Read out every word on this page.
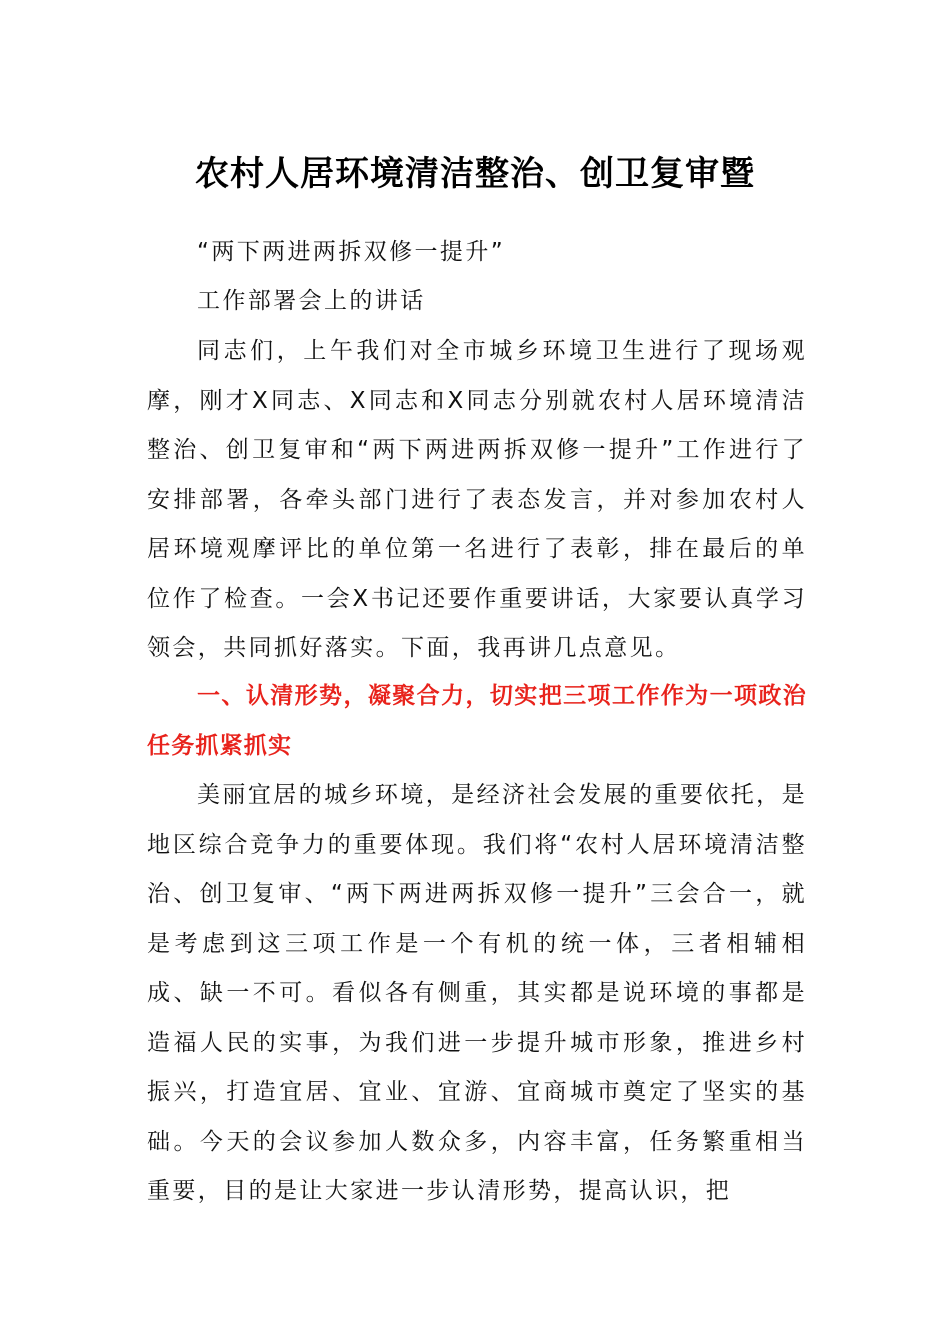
农村人居环境清洁整治、创卫复审暨
“两下两进两拆双修一提升”
工作部署会上的讲话
同志们，上午我们对全市城乡环境卫生进行了现场观摩，刚才X同志、X同志和X同志分别就农村人居环境清洁整治、创卫复审和“两下两进两拆双修一提升”工作进行了安排部署，各牵头部门进行了表态发言，并对参加农村人居环境观摩评比的单位第一名进行了表彰，排在最后的单位作了检查。一会X书记还要作重要讲话，大家要认真学习领会，共同抓好落实。下面，我再讲几点意见。
一、认清形势，凝聚合力，切实把三项工作作为一项政治任务抓紧抓实
美丽宜居的城乡环境，是经济社会发展的重要依托，是地区综合竞争力的重要体现。我们将“农村人居环境清洁整治、创卫复审、“两下两进两拆双修一提升”三会合一，就是考虑到这三项工作是一个有机的统一体，三者相辅相成、缺一不可。看似各有侧重，其实都是说环境的事都是造福人民的实事，为我们进一步提升城市形象，推进乡村振兴，打造宜居、宜业、宜游、宜商城市奠定了坚实的基础。今天的会议参加人数众多，内容丰富，任务繁重相当重要，目的是让大家进一步认清形势，提高认识，把
